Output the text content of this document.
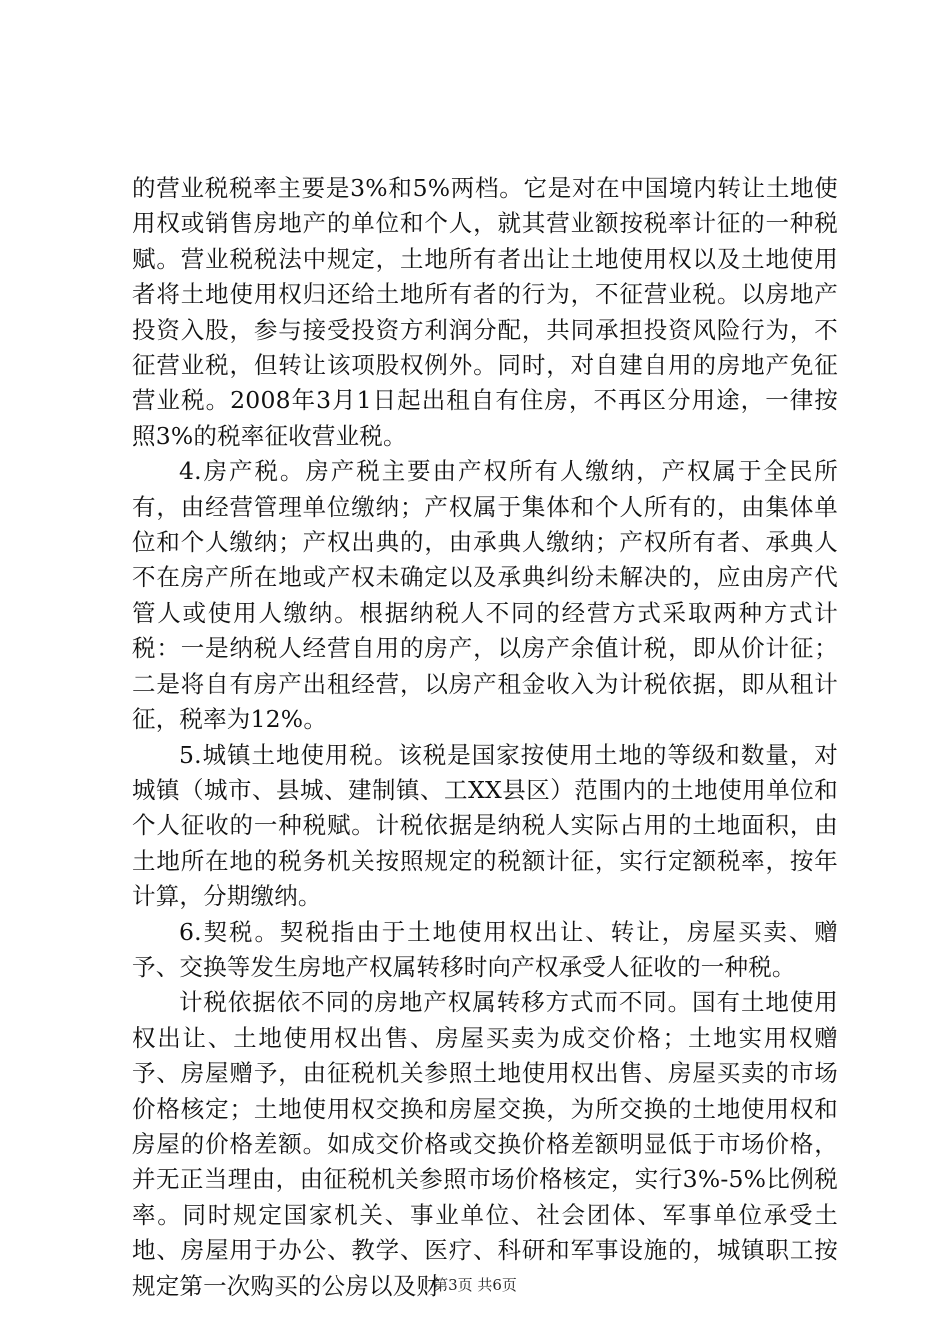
的营业税税率主要是3%和5%两档。它是对在中国境内转让土地使用权或销售房地产的单位和个人，就其营业额按税率计征的一种税赋。营业税税法中规定，土地所有者出让土地使用权以及土地使用者将土地使用权归还给土地所有者的行为，不征营业税。以房地产投资入股，参与接受投资方利润分配，共同承担投资风险行为，不征营业税，但转让该项股权例外。同时，对自建自用的房地产免征营业税。2008年3月1日起出租自有住房，不再区分用途，一律按照3%的税率征收营业税。

4.房产税。房产税主要由产权所有人缴纳，产权属于全民所有，由经营管理单位缴纳；产权属于集体和个人所有的，由集体单位和个人缴纳；产权出典的，由承典人缴纳；产权所有者、承典人不在房产所在地或产权未确定以及承典纠纷未解决的，应由房产代管人或使用人缴纳。根据纳税人不同的经营方式采取两种方式计税：一是纳税人经营自用的房产，以房产余值计税，即从价计征；二是将自有房产出租经营，以房产租金收入为计税依据，即从租计征，税率为12%。

5.城镇土地使用税。该税是国家按使用土地的等级和数量，对城镇（城市、县城、建制镇、工XX县区）范围内的土地使用单位和个人征收的一种税赋。计税依据是纳税人实际占用的土地面积，由土地所在地的税务机关按照规定的税额计征，实行定额税率，按年计算，分期缴纳。

6.契税。契税指由于土地使用权出让、转让，房屋买卖、赠予、交换等发生房地产权属转移时向产权承受人征收的一种税。

计税依据依不同的房地产权属转移方式而不同。国有土地使用权出让、土地使用权出售、房屋买卖为成交价格；土地实用权赠予、房屋赠予，由征税机关参照土地使用权出售、房屋买卖的市场价格核定；土地使用权交换和房屋交换，为所交换的土地使用权和房屋的价格差额。如成交价格或交换价格差额明显低于市场价格，并无正当理由，由征税机关参照市场价格核定，实行3%-5%比例税率。同时规定国家机关、事业单位、社会团体、军事单位承受土地、房屋用于办公、教学、医疗、科研和军事设施的，城镇职工按规定第一次购买的公房以及财

第3页 共6页
